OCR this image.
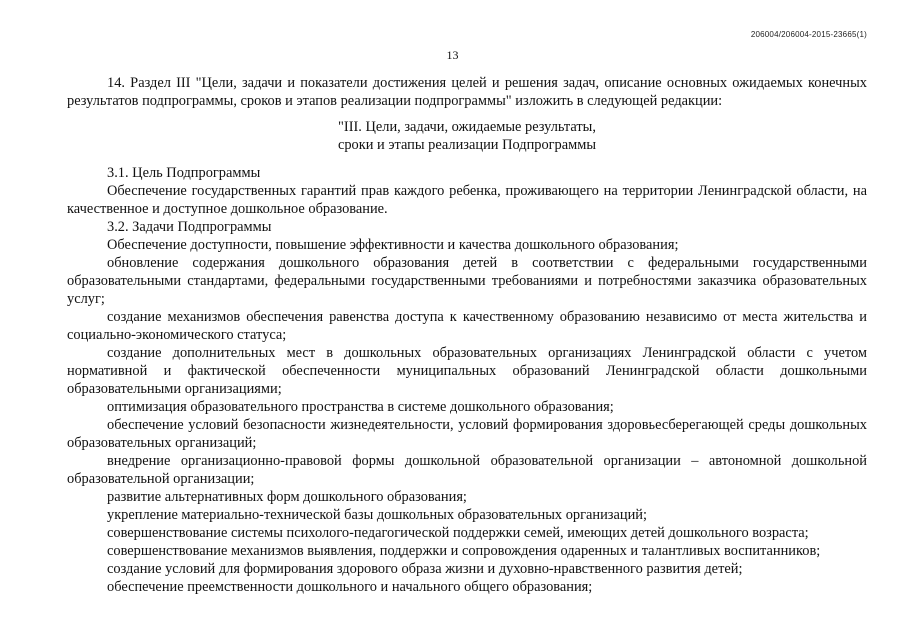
206004/206004-2015-23665(1)
13

14. Раздел III "Цели, задачи и показатели достижения целей и решения задач, описание основных ожидаемых конечных результатов подпрограммы, сроков и этапов реализации подпрограммы" изложить в следующей редакции:

"III. Цели, задачи, ожидаемые результаты,

сроки и этапы реализации Подпрограммы

3.1. Цель Подпрограммы

Обеспечение государственных гарантий прав каждого ребенка, проживающего на территории Ленинградской области, на качественное и доступное дошкольное образование.

3.2. Задачи Подпрограммы

Обеспечение доступности, повышение эффективности и качества дошкольного образования;

обновление содержания дошкольного образования детей в соответствии с федеральными государственными образовательными стандартами, федеральными государственными требованиями и потребностями заказчика образовательных услуг;

создание механизмов обеспечения равенства доступа к качественному образованию независимо от места жительства и социально-экономического статуса;

создание дополнительных мест в дошкольных образовательных организациях Ленинградской области с учетом нормативной и фактической обеспеченности муниципальных образований Ленинградской области дошкольными образовательными организациями;

оптимизация образовательного пространства в системе дошкольного образования;

обеспечение условий безопасности жизнедеятельности, условий формирования здоровьесберегающей среды дошкольных образовательных организаций;

внедрение организационно-правовой формы дошкольной образовательной организации – автономной дошкольной образовательной организации;

развитие альтернативных форм дошкольного образования;

укрепление материально-технической базы дошкольных образовательных организаций;

совершенствование системы психолого-педагогической поддержки семей, имеющих детей дошкольного возраста;

совершенствование механизмов выявления, поддержки и сопровождения одаренных и талантливых воспитанников;

создание условий для формирования здорового образа жизни и духовно-нравственного развития детей;

обеспечение преемственности дошкольного и начального общего образования;
